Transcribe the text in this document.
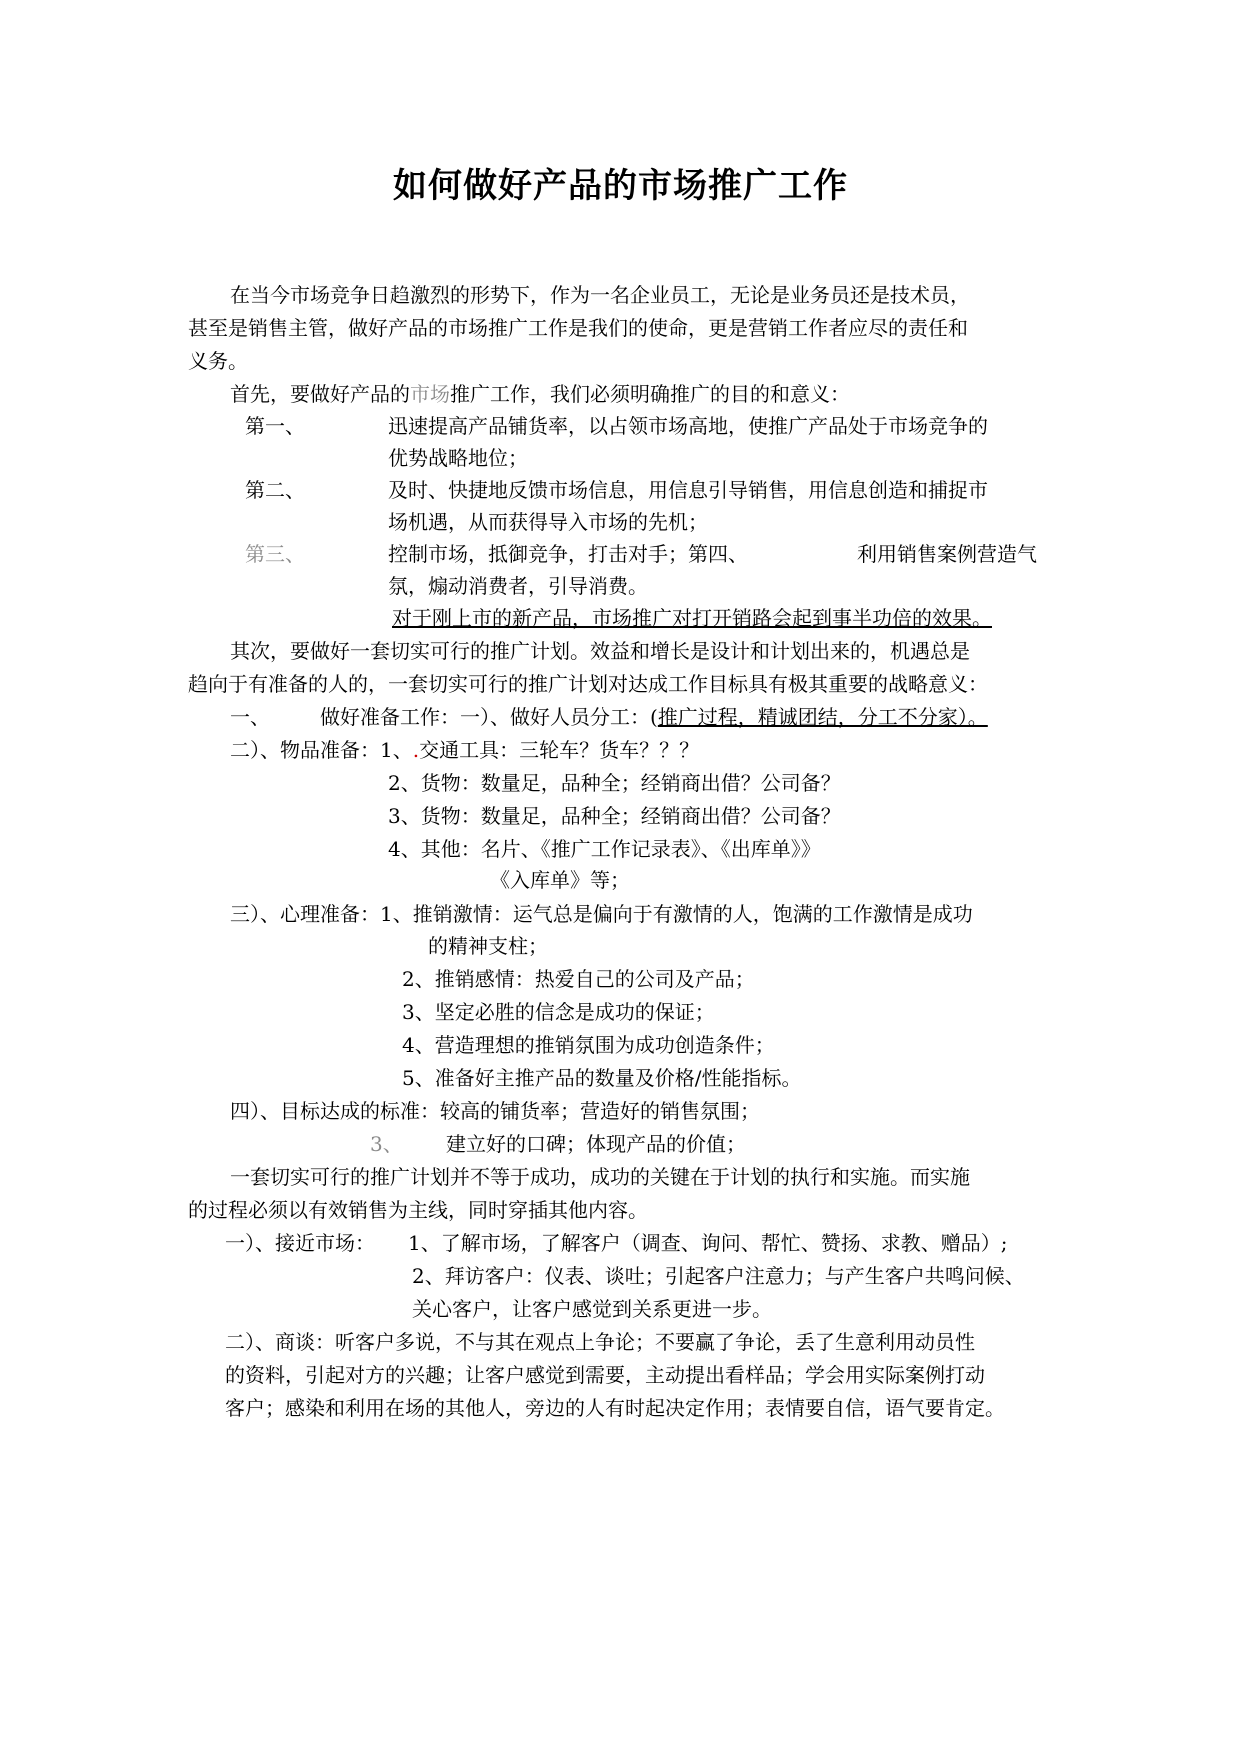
如何做好产品的市场推广工作
在当今市场竞争日趋激烈的形势下，作为一名企业员工，无论是业务员还是技术员，
甚至是销售主管，做好产品的市场推广工作是我们的使命，更是营销工作者应尽的责任和
义务。
首先，要做好产品的市场推广工作，我们必须明确推广的目的和意义：
第一、	迅速提高产品铺货率，以占领市场高地，使推广产品处于市场竞争的
优势战略地位；
第二、	及时、快捷地反馈市场信息，用信息引导销售，用信息创造和捕捉市
场机遇，从而获得导入市场的先机；
第三、	控制市场，抵御竞争，打击对手；第四、	利用销售案例营造气
氛，煽动消费者，引导消费。
对于刚上市的新产品，市场推广对打开销路会起到事半功倍的效果。
其次，要做好一套切实可行的推广计划。效益和增长是设计和计划出来的，机遇总是
趋向于有准备的人的，一套切实可行的推广计划对达成工作目标具有极其重要的战略意义：
一、	做好准备工作：一）、做好人员分工：(推广过程，精诚团结，分工不分家）。
二）、物品准备：1、.交通工具：三轮车？货车？？？
2、货物：数量足，品种全；经销商出借？公司备？
3、货物：数量足，品种全；经销商出借？公司备？
4、其他：名片、《推广工作记录表》、《出库单》》
《入库单》等；
三）、心理准备：1、推销激情：运气总是偏向于有激情的人，饱满的工作激情是成功
的精神支柱；
2、推销感情：热爱自己的公司及产品；
3、坚定必胜的信念是成功的保证；
4、营造理想的推销氛围为成功创造条件；
5、准备好主推产品的数量及价格/性能指标。
四）、目标达成的标准：较高的铺货率；营造好的销售氛围；
3、 建立好的口碑；体现产品的价值；
一套切实可行的推广计划并不等于成功，成功的关键在于计划的执行和实施。而实施
的过程必须以有效销售为主线，同时穿插其他内容。
一）、接近市场： 1、了解市场，了解客户（调查、询问、帮忙、赞扬、求教、赠品）;
2、拜访客户：仪表、谈吐；引起客户注意力；与产生客户共鸣问候、
关心客户，让客户感觉到关系更进一步。
二）、商谈：听客户多说，不与其在观点上争论；不要赢了争论，丢了生意利用动员性
的资料，引起对方的兴趣；让客户感觉到需要，主动提出看样品；学会用实际案例打动
客户；感染和利用在场的其他人，旁边的人有时起决定作用；表情要自信，语气要肯定。
